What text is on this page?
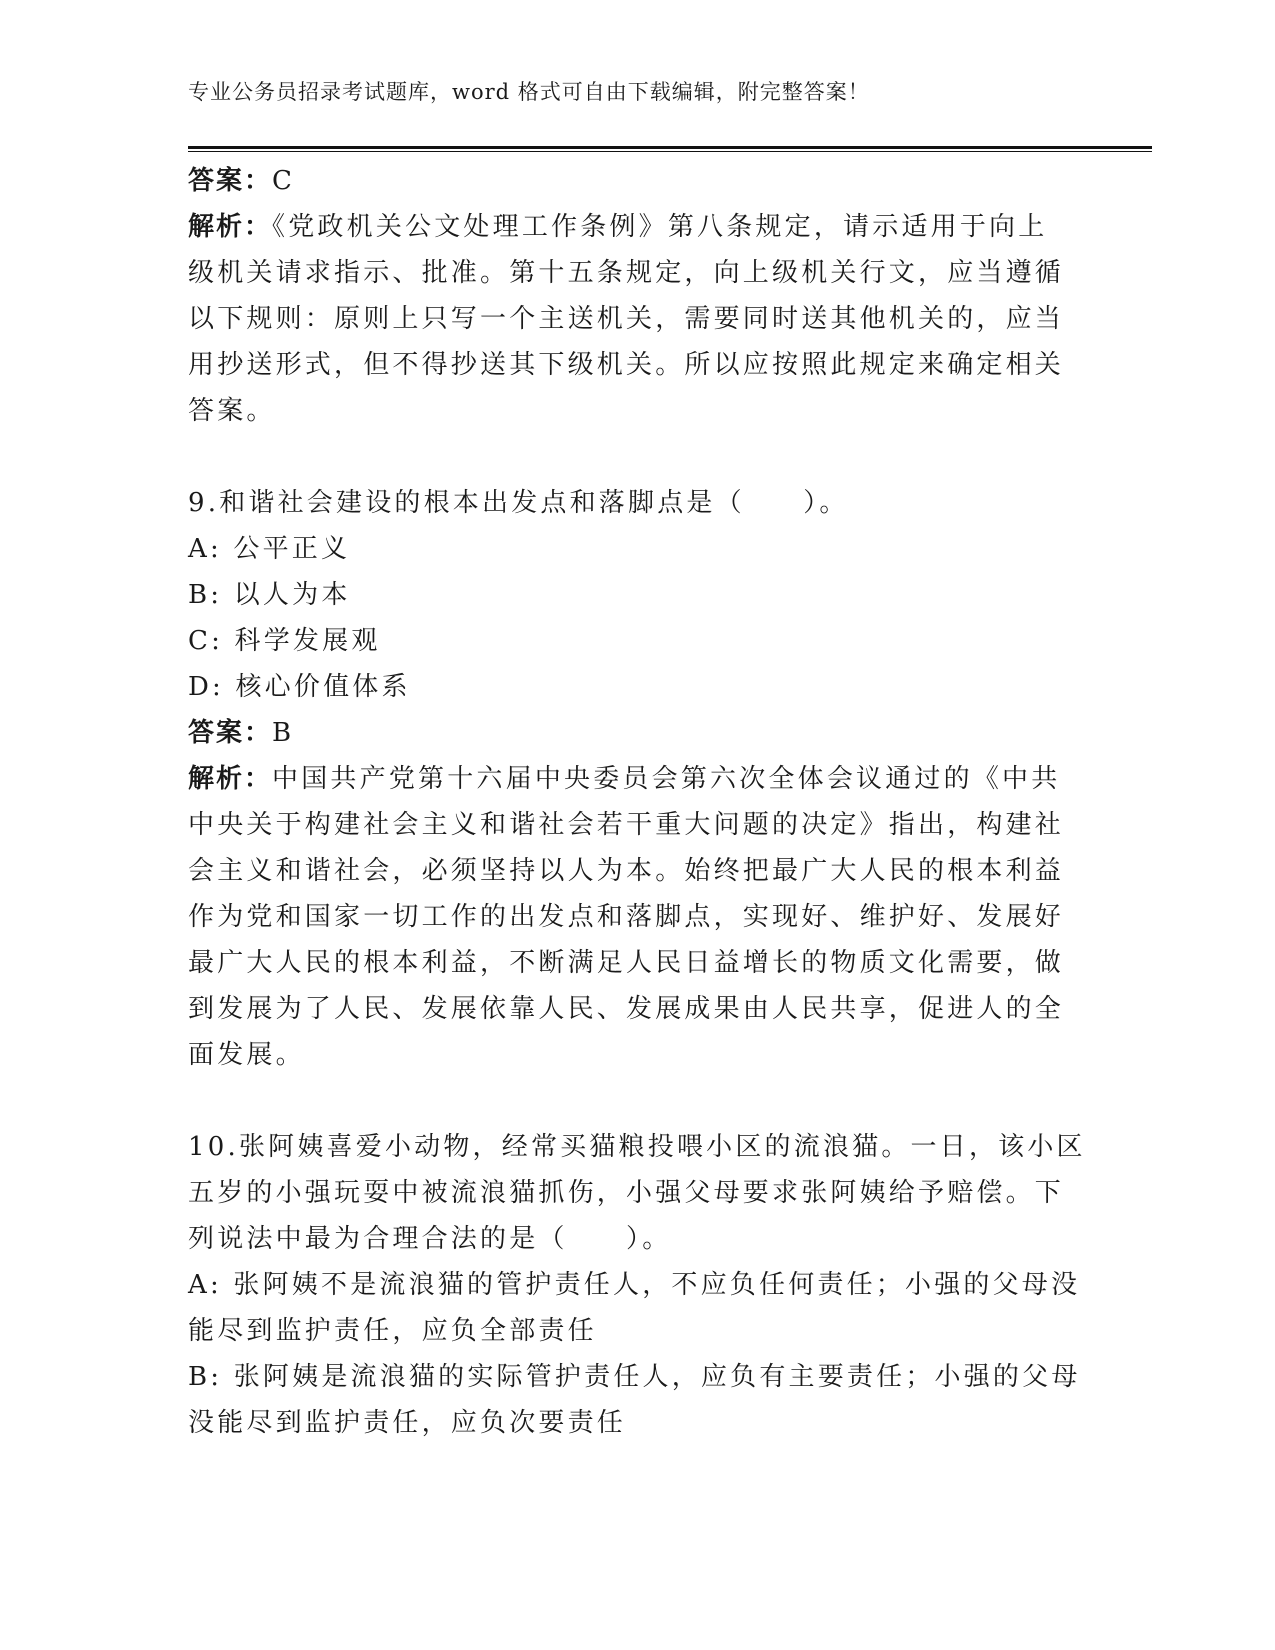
专业公务员招录考试题库，word 格式可自由下载编辑，附完整答案！
答案：C
解析：《党政机关公文处理工作条例》第八条规定，请示适用于向上
级机关请求指示、批准。第十五条规定，向上级机关行文，应当遵循
以下规则：原则上只写一个主送机关，需要同时送其他机关的，应当
用抄送形式，但不得抄送其下级机关。所以应按照此规定来确定相关
答案。
9.和谐社会建设的根本出发点和落脚点是（　　）。
A: 公平正义
B: 以人为本
C: 科学发展观
D: 核心价值体系
答案：B
解析：中国共产党第十六届中央委员会第六次全体会议通过的《中共
中央关于构建社会主义和谐社会若干重大问题的决定》指出，构建社
会主义和谐社会，必须坚持以人为本。始终把最广大人民的根本利益
作为党和国家一切工作的出发点和落脚点，实现好、维护好、发展好
最广大人民的根本利益，不断满足人民日益增长的物质文化需要，做
到发展为了人民、发展依靠人民、发展成果由人民共享，促进人的全
面发展。
10.张阿姨喜爱小动物，经常买猫粮投喂小区的流浪猫。一日，该小区
五岁的小强玩耍中被流浪猫抓伤，小强父母要求张阿姨给予赔偿。下
列说法中最为合理合法的是（　　）。
A: 张阿姨不是流浪猫的管护责任人，不应负任何责任；小强的父母没
能尽到监护责任，应负全部责任
B: 张阿姨是流浪猫的实际管护责任人，应负有主要责任；小强的父母
没能尽到监护责任，应负次要责任
